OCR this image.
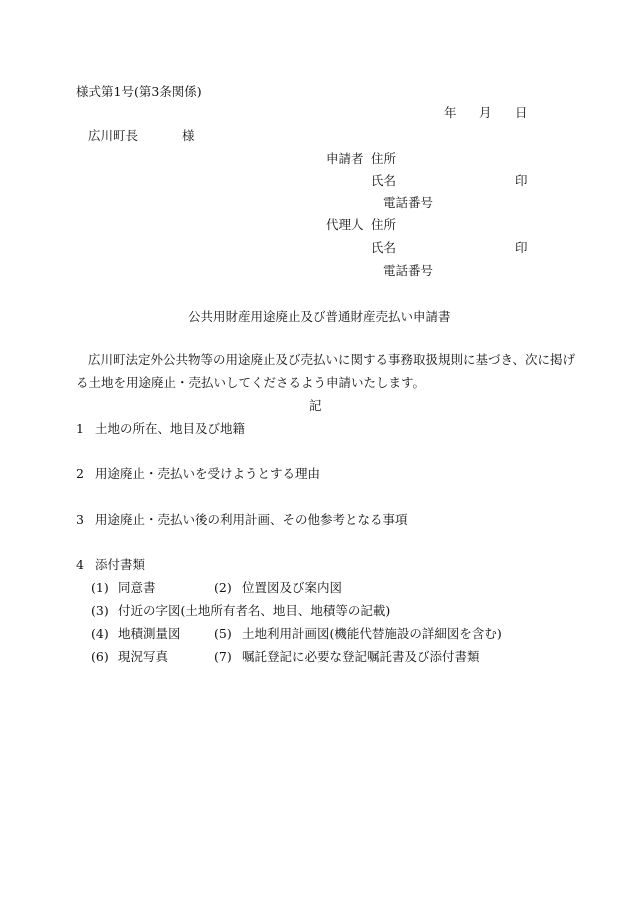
様式第1号(第3条関係)
年 月 日
広川町長	様
申請者 住所
氏名	印
電話番号
代理人 住所
氏名	印
電話番号
公共用財産用途廃止及び普通財産売払い申請書
広川町法定外公共物等の用途廃止及び売払いに関する事務取扱規則に基づき、次に掲げ
る土地を用途廃止・売払いしてくださるよう申請いたします。
記
1 土地の所在、地目及び地籍
2 用途廃止・売払いを受けようとする理由
3 用途廃止・売払い後の利用計画、その他参考となる事項
4 添付書類
(1) 同意書	(2) 位置図及び案内図
(3) 付近の字図(土地所有者名、地目、地積等の記載)
(4) 地積測量図	(5) 土地利用計画図(機能代替施設の詳細図を含む)
(6) 現況写真	(7) 嘱託登記に必要な登記嘱託書及び添付書類
